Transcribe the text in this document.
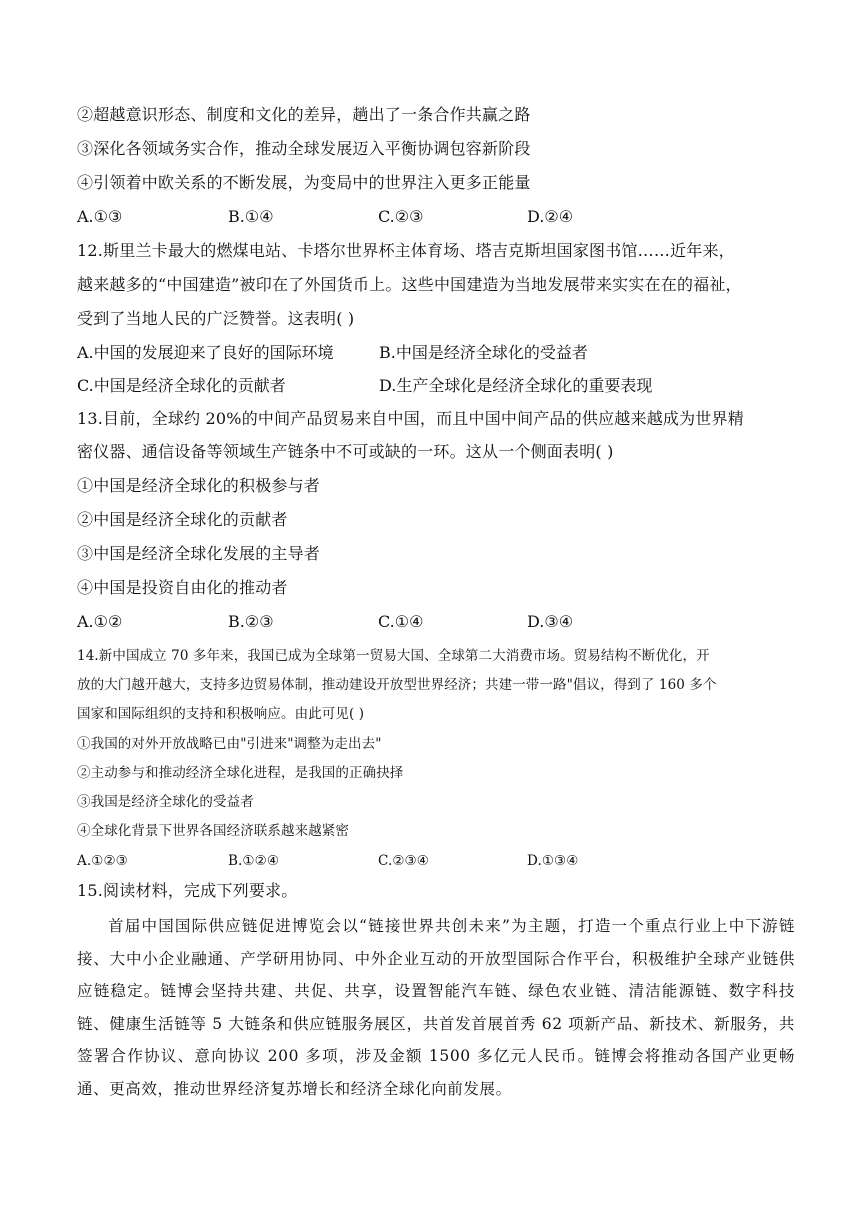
②超越意识形态、制度和文化的差异，趟出了一条合作共赢之路
③深化各领域务实合作，推动全球发展迈入平衡协调包容新阶段
④引领着中欧关系的不断发展，为变局中的世界注入更多正能量
A.①③	B.①④	C.②③	D.②④
12.斯里兰卡最大的燃煤电站、卡塔尔世界杯主体育场、塔吉克斯坦国家图书馆……近年来，
越来越多的“中国建造”被印在了外国货币上。这些中国建造为当地发展带来实实在在的福祉，
受到了当地人民的广泛赞誉。这表明( )
A.中国的发展迎来了良好的国际环境	B.中国是经济全球化的受益者
C.中国是经济全球化的贡献者	D.生产全球化是经济全球化的重要表现
13.目前，全球约 20%的中间产品贸易来自中国，而且中国中间产品的供应越来越成为世界精
密仪器、通信设备等领域生产链条中不可或缺的一环。这从一个侧面表明( )
①中国是经济全球化的积极参与者
②中国是经济全球化的贡献者
③中国是经济全球化发展的主导者
④中国是投资自由化的推动者
A.①②	B.②③	C.①④	D.③④
14.新中国成立 70 多年来，我国已成为全球第一贸易大国、全球第二大消费市场。贸易结构不断优化，开
放的大门越开越大，支持多边贸易体制，推动建设开放型世界经济；共建一带一路"倡议，得到了 160 多个
国家和国际组织的支持和积极响应。由此可见( )
①我国的对外开放战略已由"引进来"调整为走出去"
②主动参与和推动经济全球化进程，是我国的正确抉择
③我国是经济全球化的受益者
④全球化背景下世界各国经济联系越来越紧密
A.①②③	B.①②④	C.②③④	D.①③④
15.阅读材料，完成下列要求。

首届中国国际供应链促进博览会以“链接世界共创未来”为主题，打造一个重点行业上中下游链接、大中小企业融通、产学研用协同、中外企业互动的开放型国际合作平台，积极维护全球产业链供应链稳定。链博会坚持共建、共促、共享，设置智能汽车链、绿色农业链、清洁能源链、数字科技链、健康生活链等 5 大链条和供应链服务展区，共首发首展首秀 62 项新产品、新技术、新服务，共签署合作协议、意向协议 200 多项，涉及金额 1500 多亿元人民币。链博会将推动各国产业更畅通、更高效，推动世界经济复苏增长和经济全球化向前发展。
